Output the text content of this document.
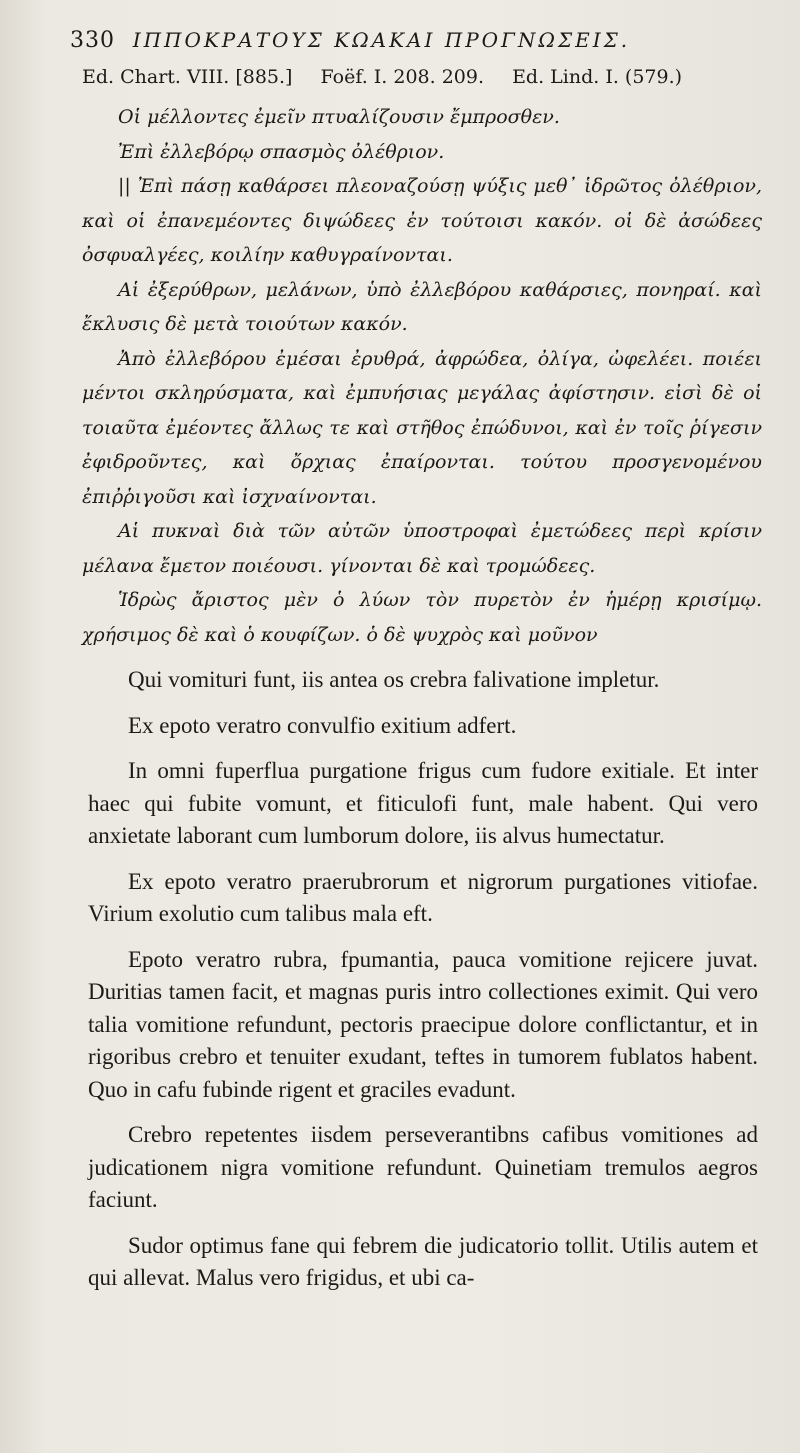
330 ΙΠΠΟΚΡΑΤΟΥΣ ΚΩΑΚΑΙ ΠΡΟΓΝΩΣΕΙΣ.
Ed. Chart. VIII. [885.] Foëf. I. 208. 209. Ed. Lind. I. (579.)

Οἱ μέλλοντες ἐμεῖν πτυαλίζουσιν ἔμπροσθεν.

Ἐπὶ ἐλλεβόρῳ σπασμὸς ὀλέθριον.

|| Ἐπὶ πάσῃ καθάρσει πλεοναζούσῃ ψύξις μεθ᾽ ἱδρῶτος ὀλέθριον, καὶ οἱ ἐπανεμέοντες διψώδεες ἐν τούτοισι κακόν. οἱ δὲ ἀσώδεες ὀσφυαλγέες, κοιλίην καθυγραίνονται.

Αἱ ἐξερύθρων, μελάνων, ὑπὸ ἐλλεβόρου καθάρσιες, πονηραί. καὶ ἔκλυσις δὲ μετὰ τοιούτων κακόν.

Ἀπὸ ἐλλεβόρου ἐμέσαι ἐρυθρά, ἀφρώδεα, ὀλίγα, ὠφελέει. ποιέει μέντοι σκληρύσματα, καὶ ἐμπυήσιας μεγάλας ἀφίστησιν. εἰσὶ δὲ οἱ τοιαῦτα ἐμέοντες ἄλλως τε καὶ στῆθος ἐπώδυνοι, καὶ ἐν τοῖς ῥίγεσιν ἐφιδροῦντες, καὶ ὄρχιας ἐπαίρονται. τούτου προσγενομένου ἐπιῤῥιγοῦσι καὶ ἰσχναίνονται.

Αἱ πυκναὶ διὰ τῶν αὐτῶν ὑποστροφαὶ ἐμετώδεες περὶ κρίσιν μέλανα ἔμετον ποιέουσι. γίνονται δὲ καὶ τρομώδεες.

Ἱδρὼς ἄριστος μὲν ὁ λύων τὸν πυρετὸν ἐν ἡμέρῃ κρισίμῳ. χρήσιμος δὲ καὶ ὁ κουφίζων. ὁ δὲ ψυχρὸς καὶ μοῦνον

Qui vomituri funt, iis antea os crebra falivatione impletur.

Ex epoto veratro convulfio exitium adfert.

In omni fuperflua purgatione frigus cum fudore exitiale. Et inter haec qui fubite vomunt, et fiticulofi funt, male habent. Qui vero anxietate laborant cum lumborum dolore, iis alvus humectatur.

Ex epoto veratro praerubrorum et nigrorum purgationes vitiofae. Virium exolutio cum talibus mala eft.

Epoto veratro rubra, fpumantia, pauca vomitione rejicere juvat. Duritias tamen facit, et magnas puris intro collectiones eximit. Qui vero talia vomitione refundunt, pectoris praecipue dolore conflictantur, et in rigoribus crebro et tenuiter exudant, teftes in tumorem fublatos habent. Quo in cafu fubinde rigent et graciles evadunt.

Crebro repetentes iisdem perseverantibns cafibus vomitiones ad judicationem nigra vomitione refundunt. Quinetiam tremulos aegros faciunt.

Sudor optimus fane qui febrem die judicatorio tollit. Utilis autem et qui allevat. Malus vero frigidus, et ubi ca-
